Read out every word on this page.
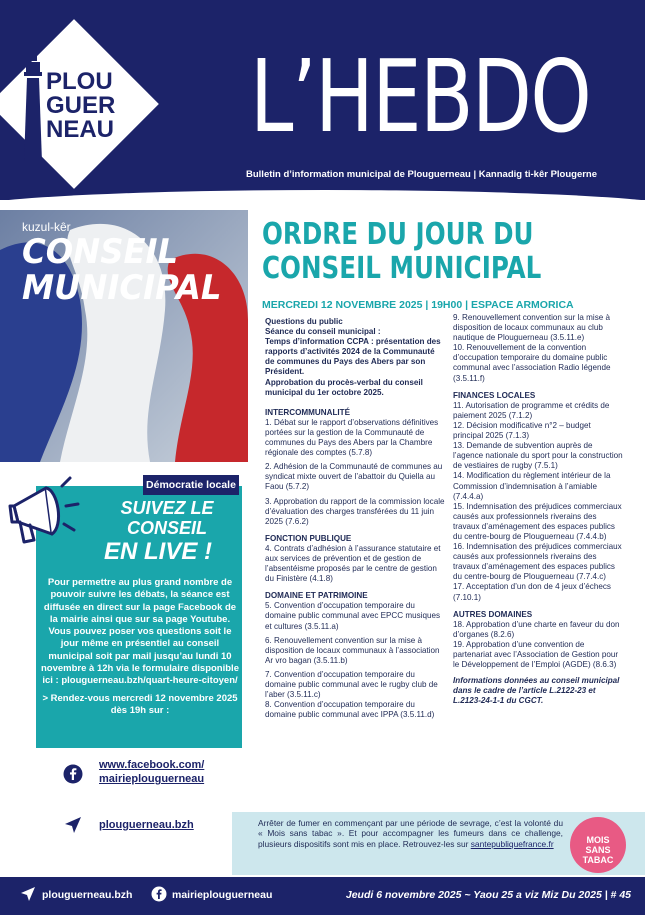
PLOU
GUER
NEAU L’HEBDO
Bulletin d’information municipal de Plouguerneau | Kannadig ti-kêr Plougerne
kuzul-kêr
CONSEIL
MUNICIPAL
Démocratie locale
SUIVEZ LE
CONSEIL
EN LIVE !

Pour permettre au plus grand nombre de pouvoir suivre les débats, la séance est diffusée en direct sur la page Facebook de la mairie ainsi que sur sa page Youtube. Vous pouvez poser vos questions soit le jour même en présentiel au conseil municipal soit par mail jusqu’au lundi 10 novembre à 12h via le formulaire disponible ici : plouguerneau.bzh/quart-heure-citoyen/

> Rendez-vous mercredi 12 novembre 2025 dès 19h sur :

www.facebook.com/
mairieplouguerneau
plouguerneau.bzh
ORDRE DU JOUR DU
CONSEIL MUNICIPAL
MERCREDI 12 NOVEMBRE 2025 | 19H00 | ESPACE ARMORICA

Questions du public

Séance du conseil municipal :

Temps d’information CCPA : présentation des rapports d’activités 2024 de la Communauté de communes du Pays des Abers par son Président.

Approbation du procès-verbal du conseil municipal du 1er octobre 2025.

INTERCOMMUNALITÉ

1. Débat sur le rapport d’observations définitives portées sur la gestion de la Communauté de communes du Pays des Abers par la Chambre régionale des comptes (5.7.8)

2. Adhésion de la Communauté de communes au syndicat mixte ouvert de l’abattoir du Quiella au Faou (5.7.2)

3. Approbation du rapport de la commission locale d’évaluation des charges transférées du 11 juin 2025 (7.6.2)

FONCTION PUBLIQUE

4. Contrats d’adhésion à l’assurance statutaire et aux services de prévention et de gestion de l’absentéisme proposés par le centre de gestion du Finistère (4.1.8)

DOMAINE ET PATRIMOINE

5. Convention d’occupation temporaire du domaine public communal avec EPCC musiques et cultures (3.5.11.a)

6. Renouvellement convention sur la mise à disposition de locaux communaux à l’association Ar vro bagan (3.5.11.b)

7. Convention d’occupation temporaire du domaine public communal avec le rugby club de l’aber (3.5.11.c)

8. Convention d’occupation temporaire du domaine public communal avec IPPA (3.5.11.d)

9. Renouvellement convention sur la mise à disposition de locaux communaux au club nautique de Plouguerneau (3.5.11.e)

10. Renouvellement de la convention d’occupation temporaire du domaine public communal avec l’association Radio légende (3.5.11.f)

FINANCES LOCALES

11. Autorisation de programme et crédits de paiement 2025 (7.1.2)

12. Décision modificative n°2 – budget principal 2025 (7.1.3)

13. Demande de subvention auprès de l’agence nationale du sport pour la construction de vestiaires de rugby (7.5.1)

14. Modification du règlement intérieur de la Commission d’indemnisation à l’amiable (7.4.4.a)

15. Indemnisation des préjudices commerciaux causés aux professionnels riverains des travaux d’aménagement des espaces publics du centre-bourg de Plouguerneau (7.4.4.b)

16. Indemnisation des préjudices commerciaux causés aux professionnels riverains des travaux d’aménagement des espaces publics du centre-bourg de Plouguerneau (7.7.4.c)

17. Acceptation d’un don de 4 jeux d’échecs (7.10.1)

AUTRES DOMAINES

18. Approbation d’une charte en faveur du don d’organes (8.2.6)

19. Approbation d’une convention de partenariat avec l’Association de Gestion pour le Développement de l’Emploi (AGDE) (8.6.3)

Informations données au conseil municipal dans le cadre de l’article L.2122-23 et L.2123-24-1-1 du CGCT.
Arrêter de fumer en commençant par une période de sevrage, c’est la volonté du « Mois sans tabac ». Et pour accompagner les fumeurs dans ce challenge, plusieurs dispositifs sont mis en place. Retrouvez-les sur santepubliquefrance.fr	MOIS
SANS
TABAC
plouguerneau.bzh	mairieplouguerneau	Jeudi 6 novembre 2025 ~ Yaou 25 a viz Miz Du 2025 | # 45
